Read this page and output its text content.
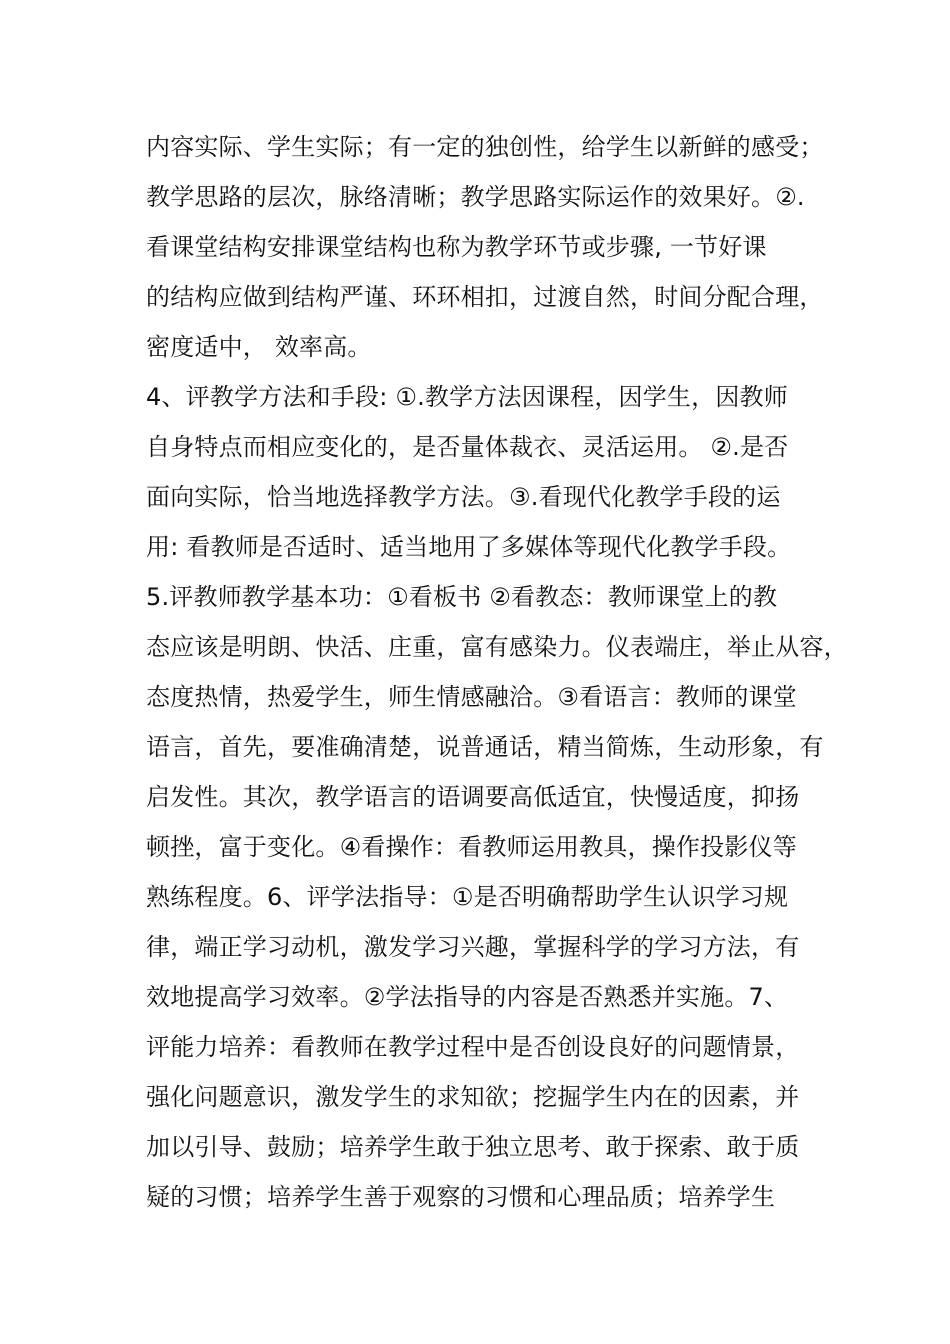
内容实际、学生实际；有一定的独创性，给学生以新鲜的感受；
教学思路的层次，脉络清晰；教学思路实际运作的效果好。②.
看课堂结构安排课堂结构也称为教学环节或步骤, 一节好课
的结构应做到结构严谨、环环相扣，过渡自然，时间分配合理，
密度适中， 效率高。
4、评教学方法和手段: ①.教学方法因课程，因学生，因教师
自身特点而相应变化的，是否量体裁衣、灵活运用。 ②.是否
面向实际，恰当地选择教学方法。③.看现代化教学手段的运
用: 看教师是否适时、适当地用了多媒体等现代化教学手段。
5.评教师教学基本功：①看板书 ②看教态：教师课堂上的教
态应该是明朗、快活、庄重，富有感染力。仪表端庄，举止从容，
态度热情，热爱学生，师生情感融洽。③看语言：教师的课堂
语言，首先，要准确清楚，说普通话，精当简炼，生动形象，有
启发性。其次，教学语言的语调要高低适宜，快慢适度，抑扬
顿挫，富于变化。④看操作：看教师运用教具，操作投影仪等
熟练程度。6、评学法指导：①是否明确帮助学生认识学习规
律，端正学习动机，激发学习兴趣，掌握科学的学习方法，有
效地提高学习效率。②学法指导的内容是否熟悉并实施。7、
评能力培养：看教师在教学过程中是否创设良好的问题情景，
强化问题意识，激发学生的求知欲；挖掘学生内在的因素，并
加以引导、鼓励；培养学生敢于独立思考、敢于探索、敢于质
疑的习惯；培养学生善于观察的习惯和心理品质；培养学生
